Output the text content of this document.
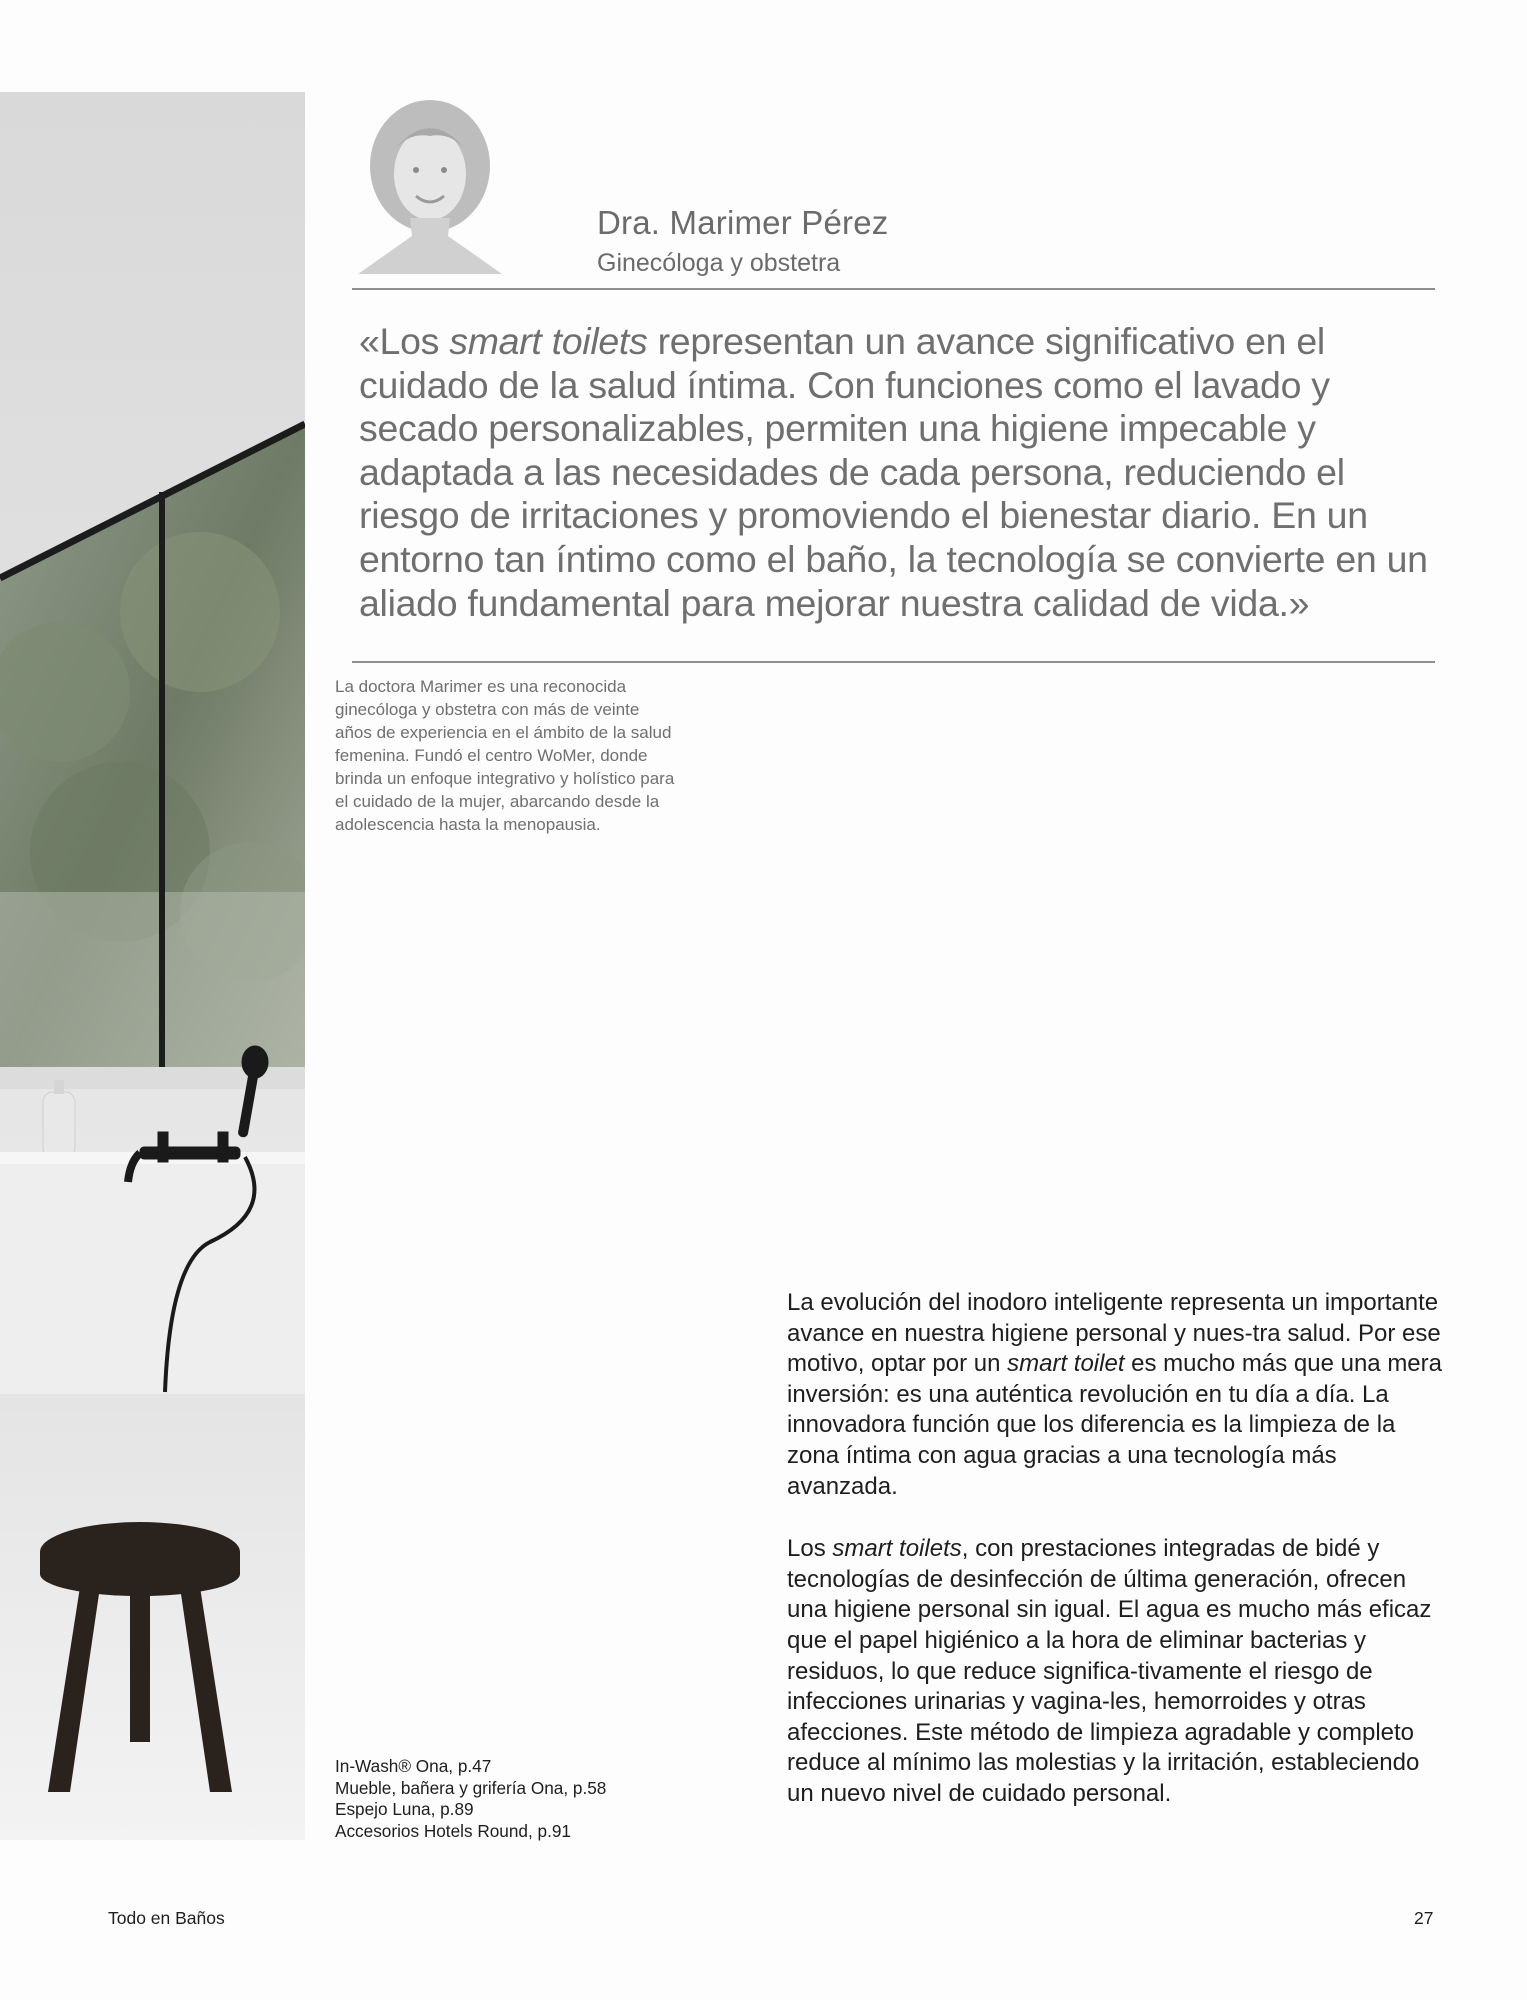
Dra. Marimer Pérez
Ginecóloga y obstetra

«Los smart toilets representan un avance significativo en el cuidado de la salud íntima. Con funciones como el lavado y secado personalizables, permiten una higiene impecable y adaptada a las necesidades de cada persona, reduciendo el riesgo de irritaciones y promoviendo el bienestar diario. En un entorno tan íntimo como el baño, la tecnología se convierte en un aliado fundamental para mejorar nuestra calidad de vida.»

La doctora Marimer es una reconocida

ginecóloga y obstetra con más de veinte

años de experiencia en el ámbito de la salud

femenina. Fundó el centro WoMer, donde

brinda un enfoque integrativo y holístico para

el cuidado de la mujer, abarcando desde la

adolescencia hasta la menopausia.

La evolución del inodoro inteligente representa un importante avance en nuestra higiene personal y nues-tra salud. Por ese motivo, optar por un smart toilet es mucho más que una mera inversión: es una auténtica revolución en tu día a día. La innovadora función que los diferencia es la limpieza de la zona íntima con agua gracias a una tecnología más avanzada.

Los smart toilets, con prestaciones integradas de bidé y tecnologías de desinfección de última generación, ofrecen una higiene personal sin igual. El agua es mucho más eficaz que el papel higiénico a la hora de eliminar bacterias y residuos, lo que reduce significa-tivamente el riesgo de infecciones urinarias y vagina-les, hemorroides y otras afecciones. Este método de limpieza agradable y completo reduce al mínimo las molestias y la irritación, estableciendo un nuevo nivel de cuidado personal.

In-Wash® Ona, p.47

Mueble, bañera y grifería Ona, p.58

Espejo Luna, p.89

Accesorios Hotels Round, p.91

Todo en Baños	27
